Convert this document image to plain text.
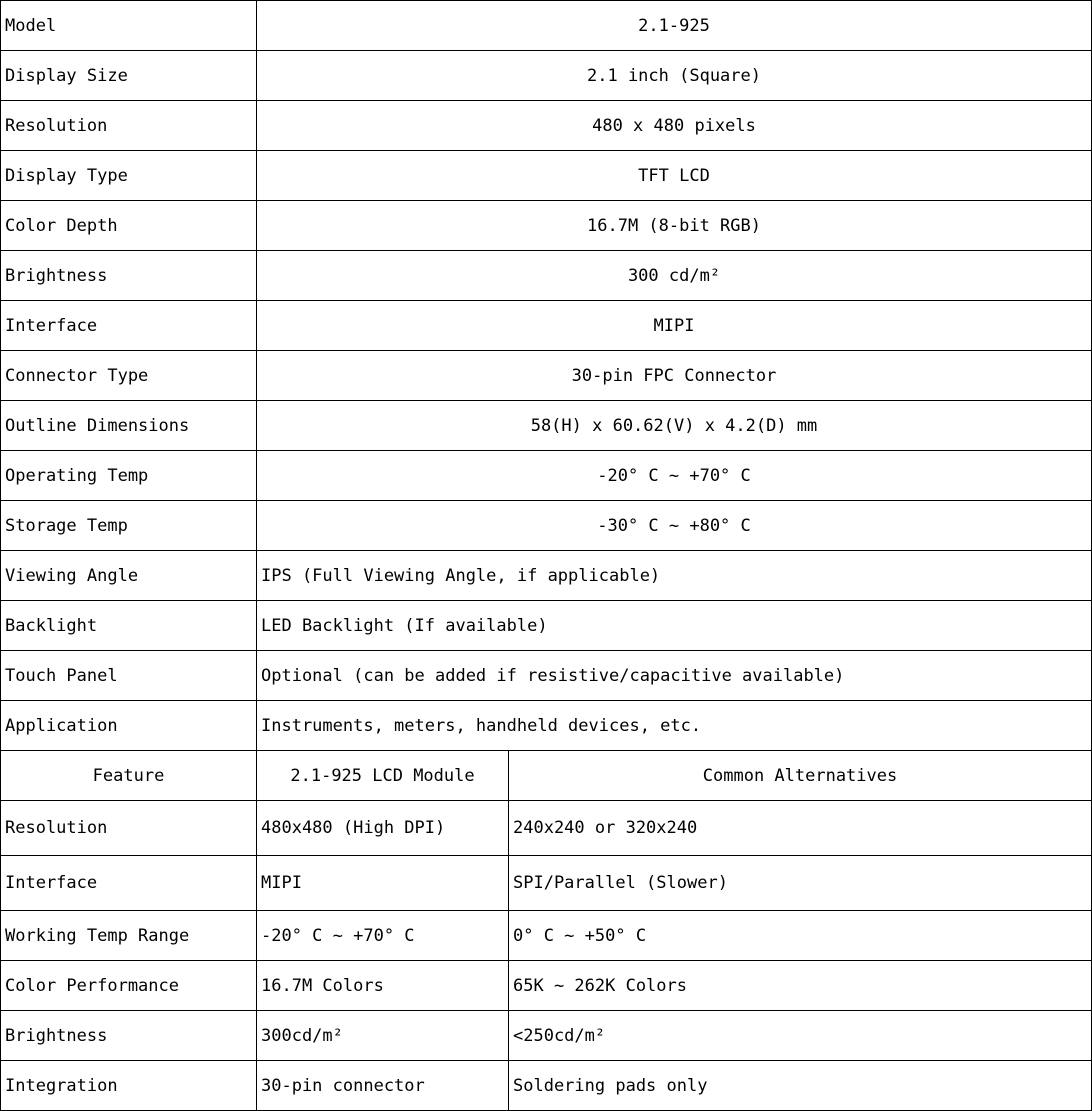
Model	2.1-925	
Display Size	2.1 inch (Square)	
Resolution	480 x 480 pixels	
Display Type	TFT LCD	
Color Depth	16.7M (8-bit RGB)	
Brightness	300 cd/m²	
Interface	MIPI	
Connector Type	30-pin FPC Connector	
Outline Dimensions	58(H) x 60.62(V) x 4.2(D) mm	
Operating Temp	-20° C ~ +70° C	
Storage Temp	-30° C ~ +80° C	
Viewing Angle	IPS (Full Viewing Angle, if applicable)	
Backlight	LED Backlight (If available)	
Touch Panel	Optional (can be added if resistive/capacitive available)	
Application	Instruments, meters, handheld devices, etc.	
Feature	2.1-925 LCD Module	Common Alternatives
Resolution	480x480 (High DPI)	240x240 or 320x240
Interface	MIPI	SPI/Parallel (Slower)
Working Temp Range	-20° C ~ +70° C	0° C ~ +50° C
Color Performance	16.7M Colors	65K ~ 262K Colors
Brightness	300cd/m²	<250cd/m²
Integration	30-pin connector	Soldering pads only
